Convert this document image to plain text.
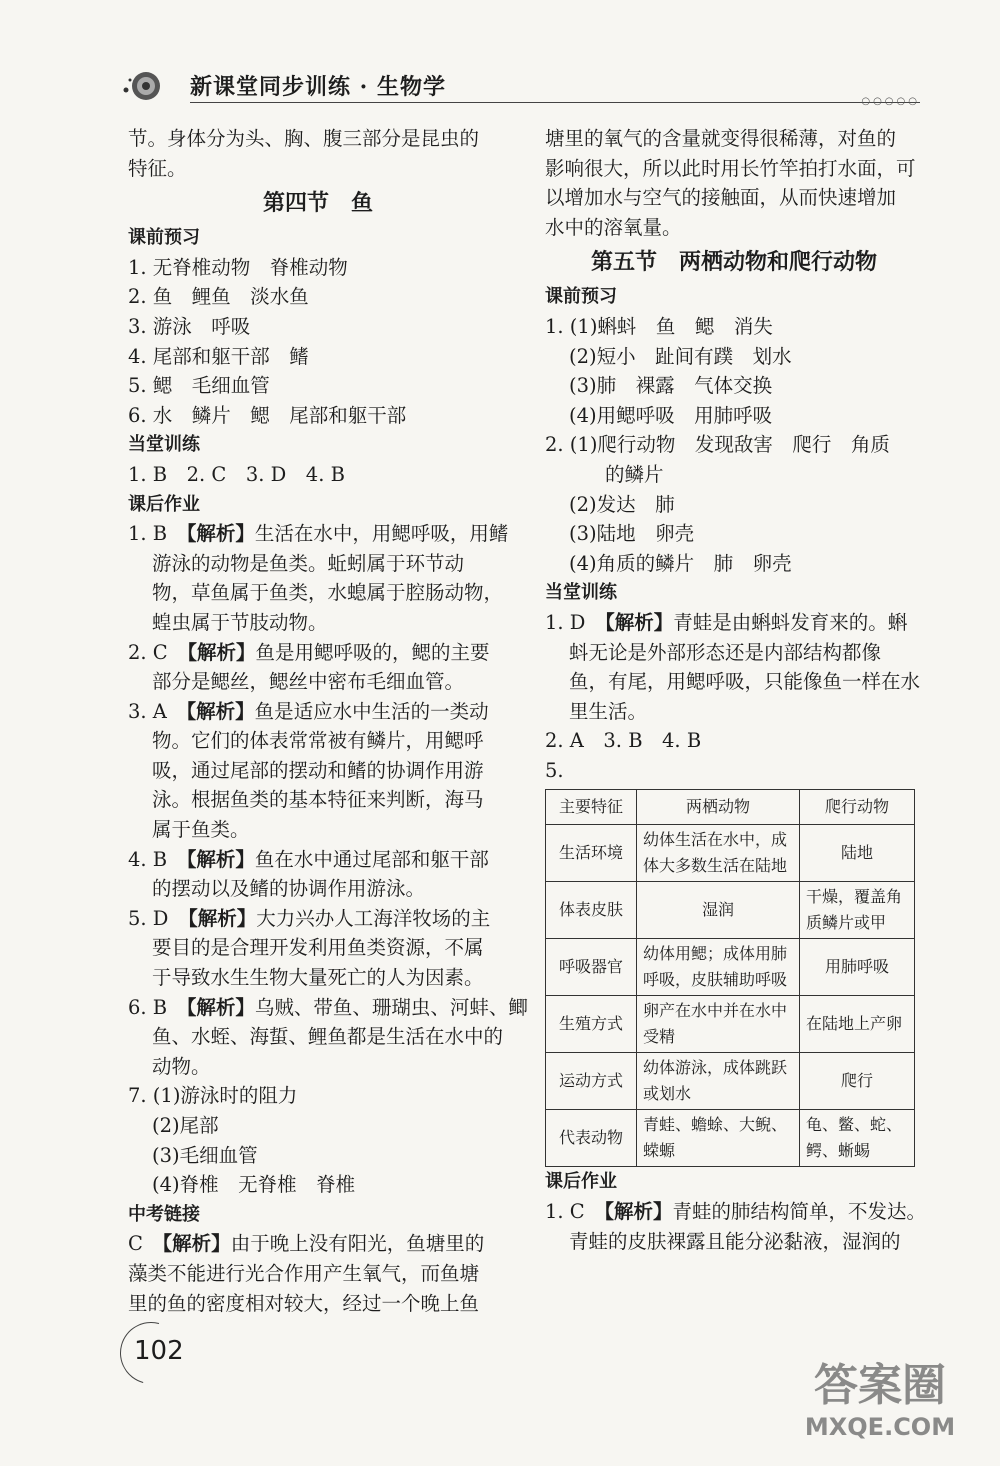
新课堂同步训练 · 生物学
○○○○○
节。身体分为头、胸、腹三部分是昆虫的
特征。
第四节　鱼
课前预习
1. 无脊椎动物　脊椎动物
2. 鱼　鲤鱼　淡水鱼
3. 游泳　呼吸
4. 尾部和躯干部　鳍
5. 鳃　毛细血管
6. 水　鳞片　鳃　尾部和躯干部
当堂训练
1. B　2. C　3. D　4. B
课后作业
1. B　【解析】生活在水中，用鳃呼吸，用鳍
游泳的动物是鱼类。蚯蚓属于环节动
物，草鱼属于鱼类，水螅属于腔肠动物，
蝗虫属于节肢动物。
2. C　【解析】鱼是用鳃呼吸的，鳃的主要
部分是鳃丝，鳃丝中密布毛细血管。
3. A　【解析】鱼是适应水中生活的一类动
物。它们的体表常常被有鳞片，用鳃呼
吸，通过尾部的摆动和鳍的协调作用游
泳。根据鱼类的基本特征来判断，海马
属于鱼类。
4. B　【解析】鱼在水中通过尾部和躯干部
的摆动以及鳍的协调作用游泳。
5. D　【解析】大力兴办人工海洋牧场的主
要目的是合理开发利用鱼类资源，不属
于导致水生生物大量死亡的人为因素。
6. B　【解析】乌贼、带鱼、珊瑚虫、河蚌、鲫
鱼、水蛭、海蜇、鲤鱼都是生活在水中的
动物。
7. (1)游泳时的阻力
(2)尾部
(3)毛细血管
(4)脊椎　无脊椎　脊椎
中考链接
C　【解析】由于晚上没有阳光，鱼塘里的
藻类不能进行光合作用产生氧气，而鱼塘
里的鱼的密度相对较大，经过一个晚上鱼
塘里的氧气的含量就变得很稀薄，对鱼的
影响很大，所以此时用长竹竿拍打水面，可
以增加水与空气的接触面，从而快速增加
水中的溶氧量。
第五节　两栖动物和爬行动物
课前预习
1. (1)蝌蚪　鱼　鳃　消失
(2)短小　趾间有蹼　划水
(3)肺　裸露　气体交换
(4)用鳃呼吸　用肺呼吸
2. (1)爬行动物　发现敌害　爬行　角质
的鳞片
(2)发达　肺
(3)陆地　卵壳
(4)角质的鳞片　肺　卵壳
当堂训练
1. D　【解析】青蛙是由蝌蚪发育来的。蝌
蚪无论是外部形态还是内部结构都像
鱼，有尾，用鳃呼吸，只能像鱼一样在水
里生活。
2. A　3. B　4. B
5.
主要特征	两栖动物	爬行动物
生活环境	幼体生活在水中，成体大多数生活在陆地	陆地
体表皮肤	湿润	干燥，覆盖角质鳞片或甲
呼吸器官	幼体用鳃；成体用肺呼吸，皮肤辅助呼吸	用肺呼吸
生殖方式	卵产在水中并在水中受精	在陆地上产卵
运动方式	幼体游泳，成体跳跃或划水	爬行
代表动物	青蛙、蟾蜍、大鲵、蝾螈	龟、鳖、蛇、鳄、蜥蜴
课后作业
1. C　【解析】青蛙的肺结构简单，不发达。
青蛙的皮肤裸露且能分泌黏液，湿润的
102
答案圈
MXQE.COM
